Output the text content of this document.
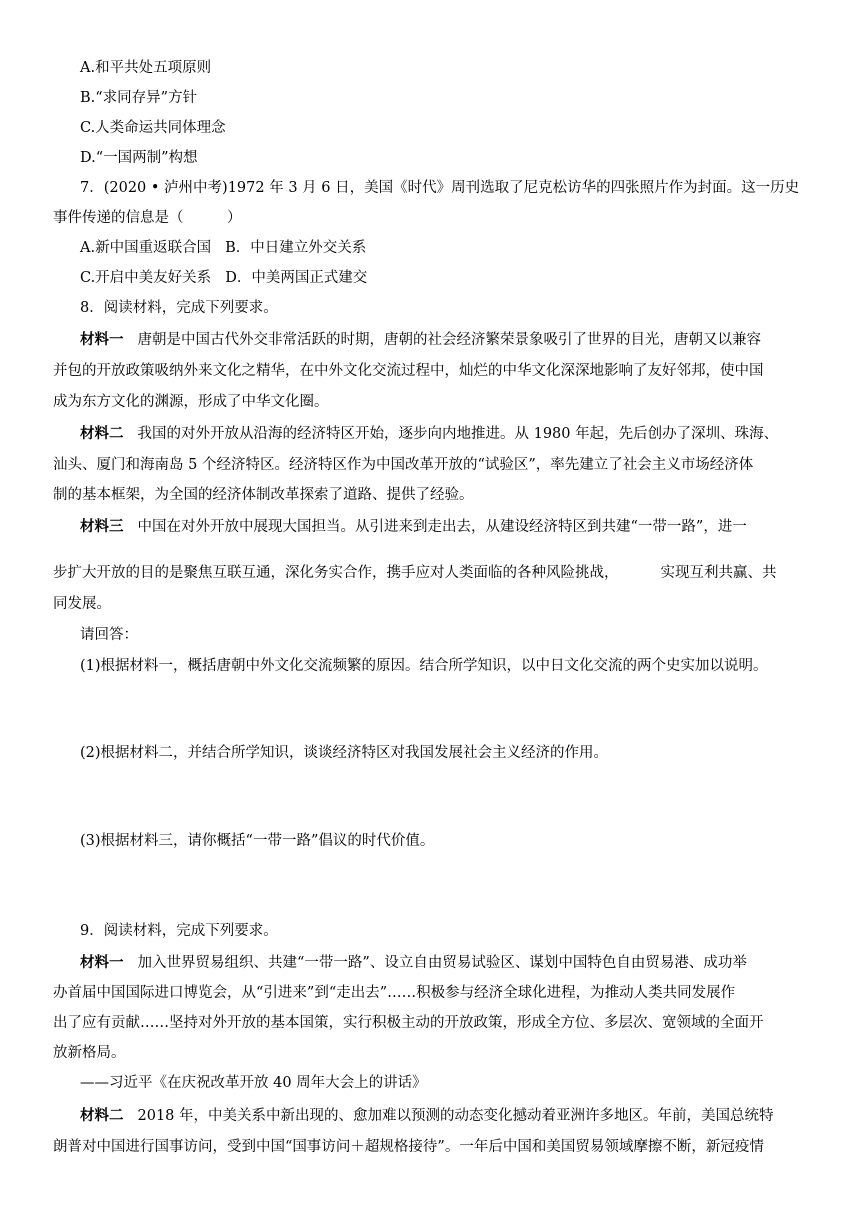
A.和平共处五项原则
B.“求同存异”方针
C.人类命运共同体理念
D.“一国两制”构想
7．(2020 • 泸州中考)1972 年 3 月 6 日，美国《时代》周刊选取了尼克松访华的四张照片作为封面。这一历史
事件传递的信息是（　　　）
A.新中国重返联合国 B．中日建立外交关系
C.开启中美友好关系 D．中美两国正式建交
8．阅读材料，完成下列要求。
材料一 唐朝是中国古代外交非常活跃的时期，唐朝的社会经济繁荣景象吸引了世界的目光，唐朝又以兼容
并包的开放政策吸纳外来文化之精华，在中外文化交流过程中，灿烂的中华文化深深地影响了友好邻邦，使中国
成为东方文化的渊源，形成了中华文化圈。
材料二 我国的对外开放从沿海的经济特区开始，逐步向内地推进。从 1980 年起，先后创办了深圳、珠海、
汕头、厦门和海南岛 5 个经济特区。经济特区作为中国改革开放的“试验区”，率先建立了社会主义市场经济体
制的基本框架，为全国的经济体制改革探索了道路、提供了经验。
材料三 中国在对外开放中展现大国担当。从引进来到走出去，从建设经济特区到共建“一带一路”，进一
步扩大开放的目的是聚焦互联互通，深化务实合作，携手应对人类面临的各种风险挑战，	实现互利共赢、共
同发展。
请回答：
(1)根据材料一，概括唐朝中外文化交流频繁的原因。结合所学知识，以中日文化交流的两个史实加以说明。
(2)根据材料二，并结合所学知识，谈谈经济特区对我国发展社会主义经济的作用。
(3)根据材料三，请你概括“一带一路”倡议的时代价值。
9．阅读材料，完成下列要求。
材料一 加入世界贸易组织、共建“一带一路”、设立自由贸易试验区、谋划中国特色自由贸易港、成功举
办首届中国国际进口博览会，从“引进来”到“走出去”……积极参与经济全球化进程，为推动人类共同发展作
出了应有贡献……坚持对外开放的基本国策，实行积极主动的开放政策，形成全方位、多层次、宽领域的全面开
放新格局。
——习近平《在庆祝改革开放 40 周年大会上的讲话》
材料二 2018 年，中美关系中新出现的、愈加难以预测的动态变化撼动着亚洲许多地区。年前，美国总统特
朗普对中国进行国事访问，受到中国“国事访问＋超规格接待”。一年后中国和美国贸易领域摩擦不断，新冠疫情
